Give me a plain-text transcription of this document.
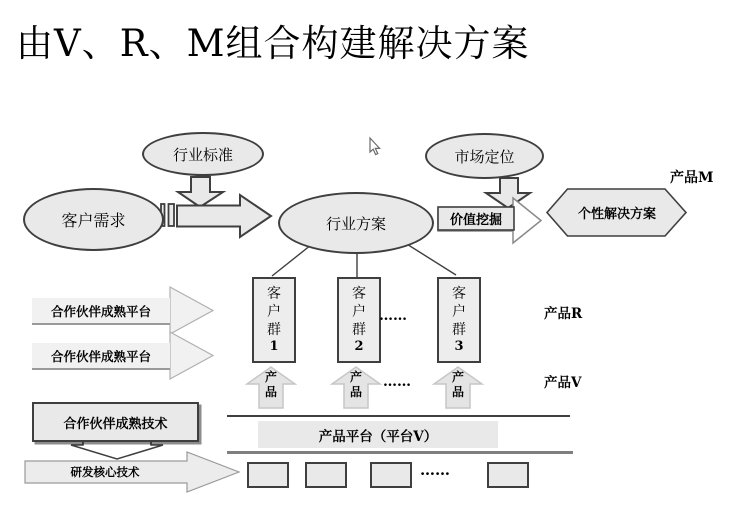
由V、R、M组合构建解决方案
行业标准
客户需求	行业方案
市场定位
价值挖掘	个性解决方案
产品M
产品R
产品V
客户群
1
客户群
2
客户群
3
……
……
……
产品
产品
产品
合作伙伴成熟平台
合作伙伴成熟平台
合作伙伴成熟技术
研发核心技术
产品平台（平台V）
